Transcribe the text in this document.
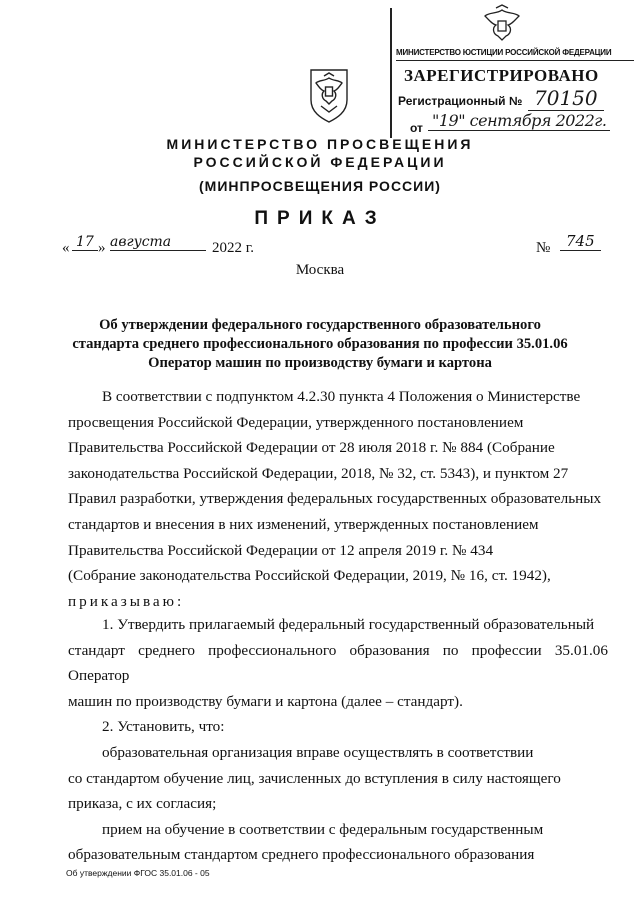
МИНИСТЕРСТВО ЮСТИЦИИ РОССИЙСКОЙ ФЕДЕРАЦИИ
ЗАРЕГИСТРИРОВАНО
Регистрационный № 70150
от "19" сентября 2022г.
МИНИСТЕРСТВО ПРОСВЕЩЕНИЯ
РОССИЙСКОЙ ФЕДЕРАЦИИ
(МИНПРОСВЕЩЕНИЯ РОССИИ)
ПРИКАЗ
« 17 » августа	2022 г.	№	745
Москва
Об утверждении федерального государственного образовательного
стандарта среднего профессионального образования по профессии 35.01.06
Оператор машин по производству бумаги и картона

В соответствии с подпунктом 4.2.30 пункта 4 Положения о Министерстве

просвещения Российской Федерации, утвержденного постановлением

Правительства Российской Федерации от 28 июля 2018 г. № 884 (Собрание

законодательства Российской Федерации, 2018, № 32, ст. 5343), и пунктом 27

Правил разработки, утверждения федеральных государственных образовательных

стандартов и внесения в них изменений, утвержденных постановлением

Правительства Российской Федерации от 12 апреля 2019 г. № 434

(Собрание законодательства Российской Федерации, 2019, № 16, ст. 1942),

приказываю:

1. Утвердить прилагаемый федеральный государственный образовательный

стандарт среднего профессионального образования по профессии 35.01.06 Оператор

машин по производству бумаги и картона (далее – стандарт).

2. Установить, что:

образовательная организация вправе осуществлять в соответствии

со стандартом обучение лиц, зачисленных до вступления в силу настоящего

приказа, с их согласия;

прием на обучение в соответствии с федеральным государственным

образовательным стандартом среднего профессионального образования

Об утверждении ФГОС 35.01.06 - 05
